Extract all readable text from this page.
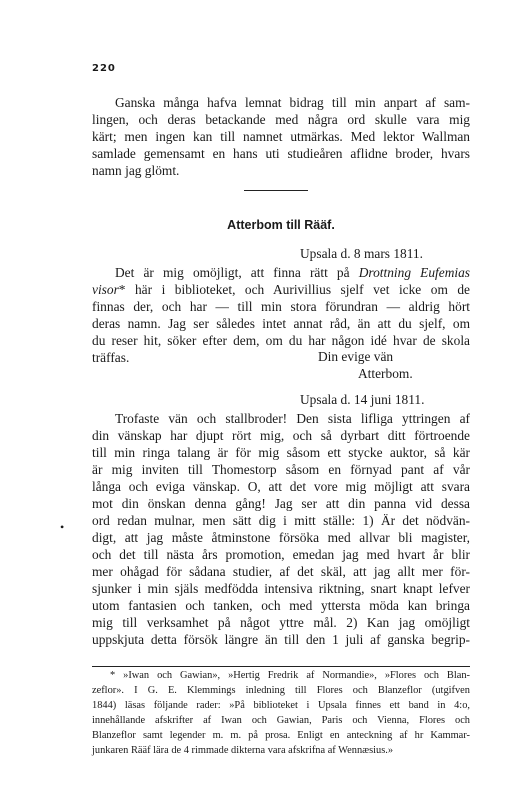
220
Ganska många hafva lemnat bidrag till min anpart af sam-
lingen, och deras betackande med några ord skulle vara mig
kärt; men ingen kan till namnet utmärkas. Med lektor Wallman
samlade gemensamt en hans uti studieåren aflidne broder, hvars
namn jag glömt.
Atterbom till Rääf.
Upsala d. 8 mars 1811.
Det är mig omöjligt, att finna rätt på Drottning Eufemias
visor* här i biblioteket, och Aurivillius sjelf vet icke om de
finnas der, och har — till min stora förundran — aldrig hört
deras namn. Jag ser således intet annat råd, än att du sjelf, om
du reser hit, söker efter dem, om du har någon idé hvar de skola
träffas.	Din evige vän
Atterbom.
Upsala d. 14 juni 1811.
Trofaste vän och stallbroder! Den sista lifliga yttringen af
din vänskap har djupt rört mig, och så dyrbart ditt förtroende
till min ringa talang är för mig såsom ett stycke auktor, så kär
är mig inviten till Thomestorp såsom en förnyad pant af vår
långa och eviga vänskap. O, att det vore mig möjligt att svara
mot din önskan denna gång! Jag ser att din panna vid dessa
ord redan mulnar, men sätt dig i mitt ställe: 1) Är det nödvän-
digt, att jag måste åtminstone försöka med allvar bli magister,
och det till nästa års promotion, emedan jag med hvart år blir
mer ohågad för sådana studier, af det skäl, att jag allt mer för-
sjunker i min själs medfödda intensiva riktning, snart knapt lefver
utom fantasien och tanken, och med yttersta möda kan bringa
mig till verksamhet på något yttre mål. 2) Kan jag omöjligt
uppskjuta detta försök längre än till den 1 juli af ganska begrip-
•
* »Iwan och Gawian», »Hertig Fredrik af Normandie», »Flores och Blan-
zeflor». I G. E. Klemmings inledning till Flores och Blanzeflor (utgifven
1844) läsas följande rader: »På biblioteket i Upsala finnes ett band in 4:o,
innehållande afskrifter af Iwan och Gawian, Paris och Vienna, Flores och
Blanzeflor samt legender m. m. på prosa. Enligt en anteckning af hr Kammar-
junkaren Rääf lära de 4 rimmade dikterna vara afskrifna af Wennæsius.»
